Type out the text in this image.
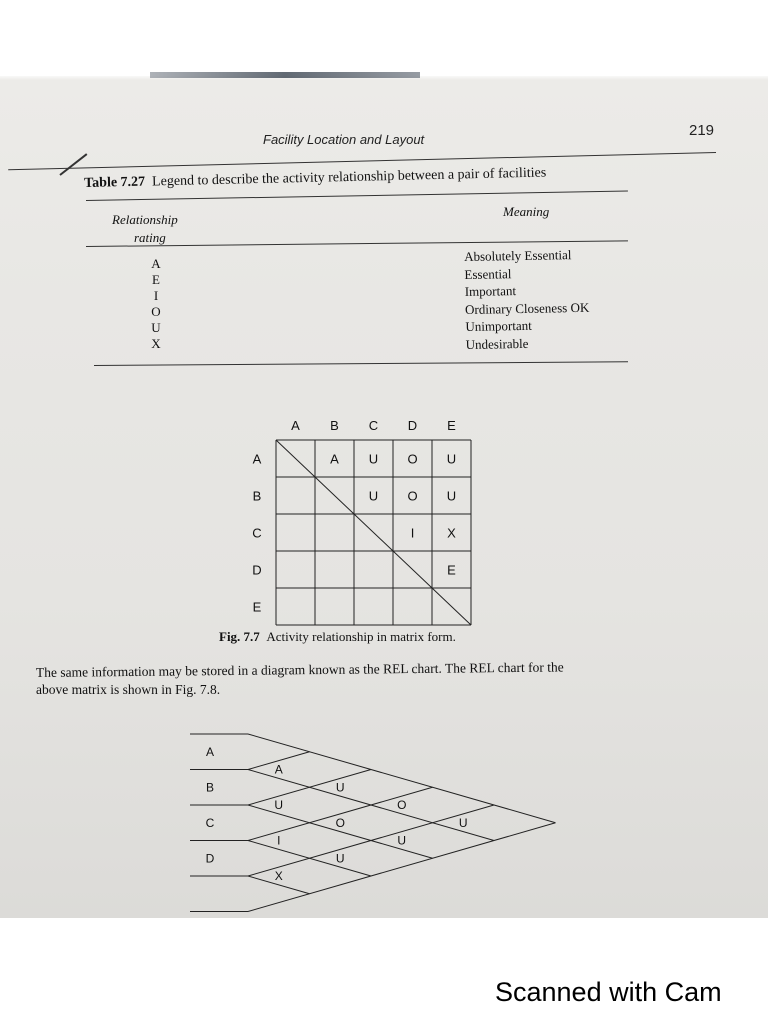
219
Facility Location and Layout
Table 7.27 Legend to describe the activity relationship between a pair of facilities
Relationship
rating
Meaning
A
E
I
O
U
X
Absolutely Essential
Essential
Important
Ordinary Closeness OK
Unimportant
Undesirable
A
A
B
B
C
C
D
D
E
E
A U O U
U O U
I	X
E
Fig. 7.7 Activity relationship in matrix form.
The same information may be stored in a diagram known as the REL chart. The REL chart for the
above matrix is shown in Fig. 7.8.
A
B
C
D
A
U
U
I
O
O
U
X
U
U
Scanned with Cam
